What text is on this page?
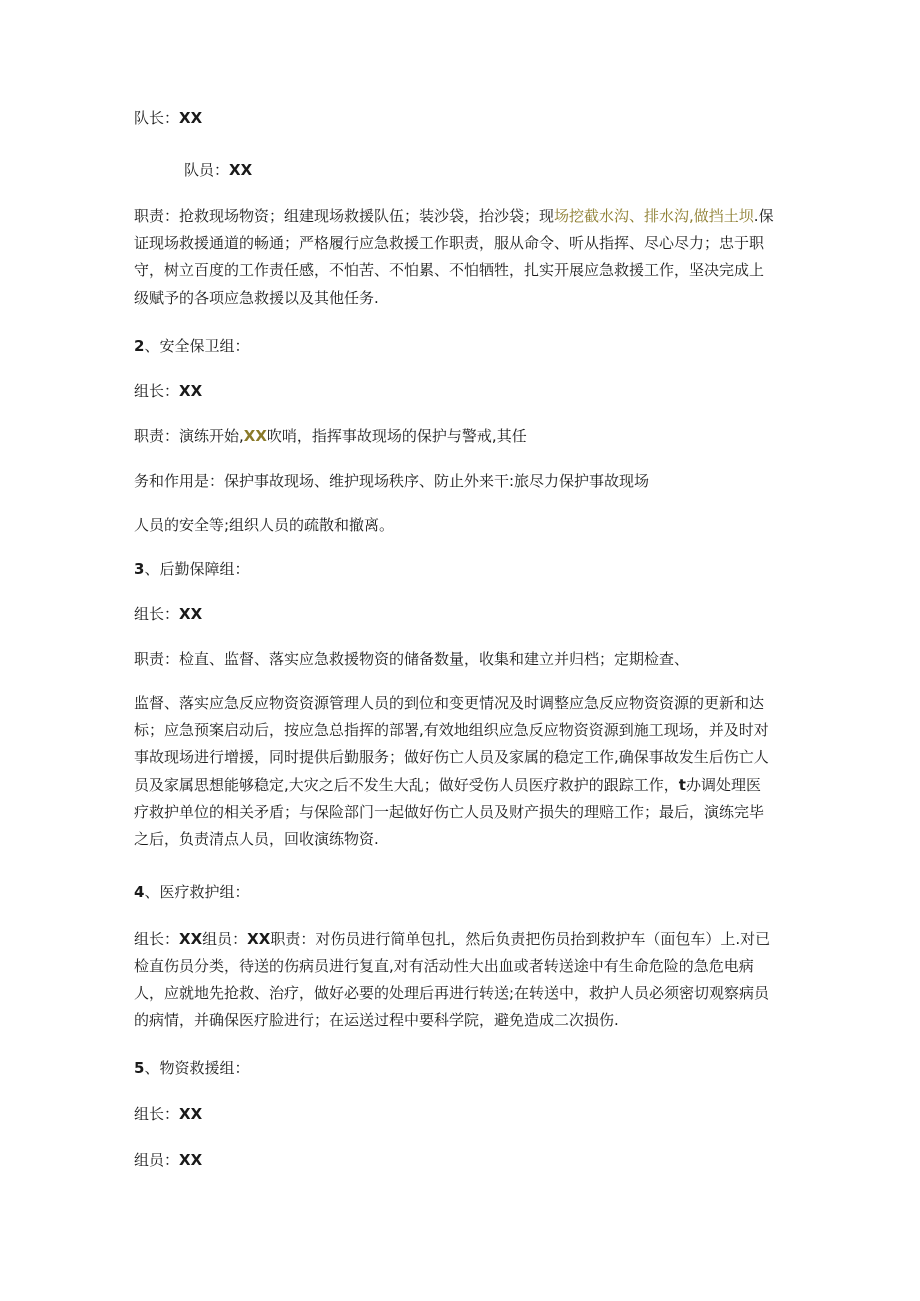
队长：XX

队员：XX

职责：抢救现场物资；组建现场救援队伍；装沙袋，抬沙袋；现场挖截水沟、排水沟,做挡土坝.保
证现场救援通道的畅通；严格履行应急救援工作职责，服从命令、听从指挥、尽心尽力；忠于职
守，树立百度的工作责任感，不怕苦、不怕累、不怕牺牲，扎实开展应急救援工作，坚决完成上
级赋予的各项应急救援以及其他任务.

2、安全保卫组：

组长：XX

职责：演练开始,XX吹哨，指挥事故现场的保护与警戒,其任

务和作用是：保护事故现场、维护现场秩序、防止外来干:旅尽力保护事故现场

人员的安全等;组织人员的疏散和撤离。

3、后勤保障组：

组长：XX

职责：检直、监督、落实应急救援物资的储备数量，收集和建立并归档；定期检查、

监督、落实应急反应物资资源管理人员的到位和变更情况及时调整应急反应物资资源的更新和达
标；应急预案启动后，按应急总指挥的部署,有效地组织应急反应物资资源到施工现场，并及时对
事故现场进行增援，同时提供后勤服务；做好伤亡人员及家属的稳定工作,确保事故发生后伤亡人
员及家属思想能够稳定,大灾之后不发生大乱；做好受伤人员医疗救护的跟踪工作，t办调处理医
疗救护单位的相关矛盾；与保险部门一起做好伤亡人员及财产损失的理赔工作；最后，演练完毕
之后，负责清点人员，回收演练物资.

4、医疗救护组：

组长：XX组员：XX职责：对伤员进行简单包扎，然后负责把伤员抬到救护车（面包车）上.对已

检直伤员分类，待送的伤病员进行复直,对有活动性大出血或者转送途中有生命危险的急危电病
人，应就地先抢救、治疗，做好必要的处理后再进行转送;在转送中，救护人员必须密切观察病员
的病情，并确保医疗脸进行；在运送过程中要科学院，避免造成二次损伤.

5、物资救援组：

组长：XX

组员：XX
